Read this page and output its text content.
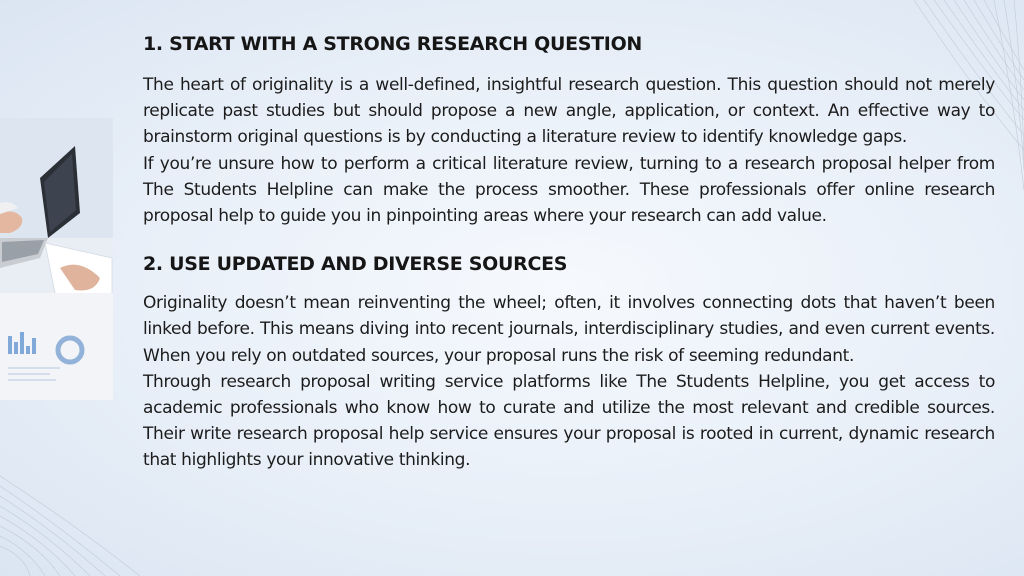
1. START WITH A STRONG RESEARCH QUESTION

The heart of originality is a well-defined, insightful research question. This question should not merely replicate past studies but should propose a new angle, application, or context. An effective way to brainstorm original questions is by conducting a literature review to identify knowledge gaps.

If you’re unsure how to perform a critical literature review, turning to a research proposal helper from The Students Helpline can make the process smoother. These professionals offer online research proposal help to guide you in pinpointing areas where your research can add value.

2. USE UPDATED AND DIVERSE SOURCES

Originality doesn’t mean reinventing the wheel; often, it involves connecting dots that haven’t been linked before. This means diving into recent journals, interdisciplinary studies, and even current events. When you rely on outdated sources, your proposal runs the risk of seeming redundant.

Through research proposal writing service platforms like The Students Helpline, you get access to academic professionals who know how to curate and utilize the most relevant and credible sources. Their write research proposal help service ensures your proposal is rooted in current, dynamic research that highlights your innovative thinking.
